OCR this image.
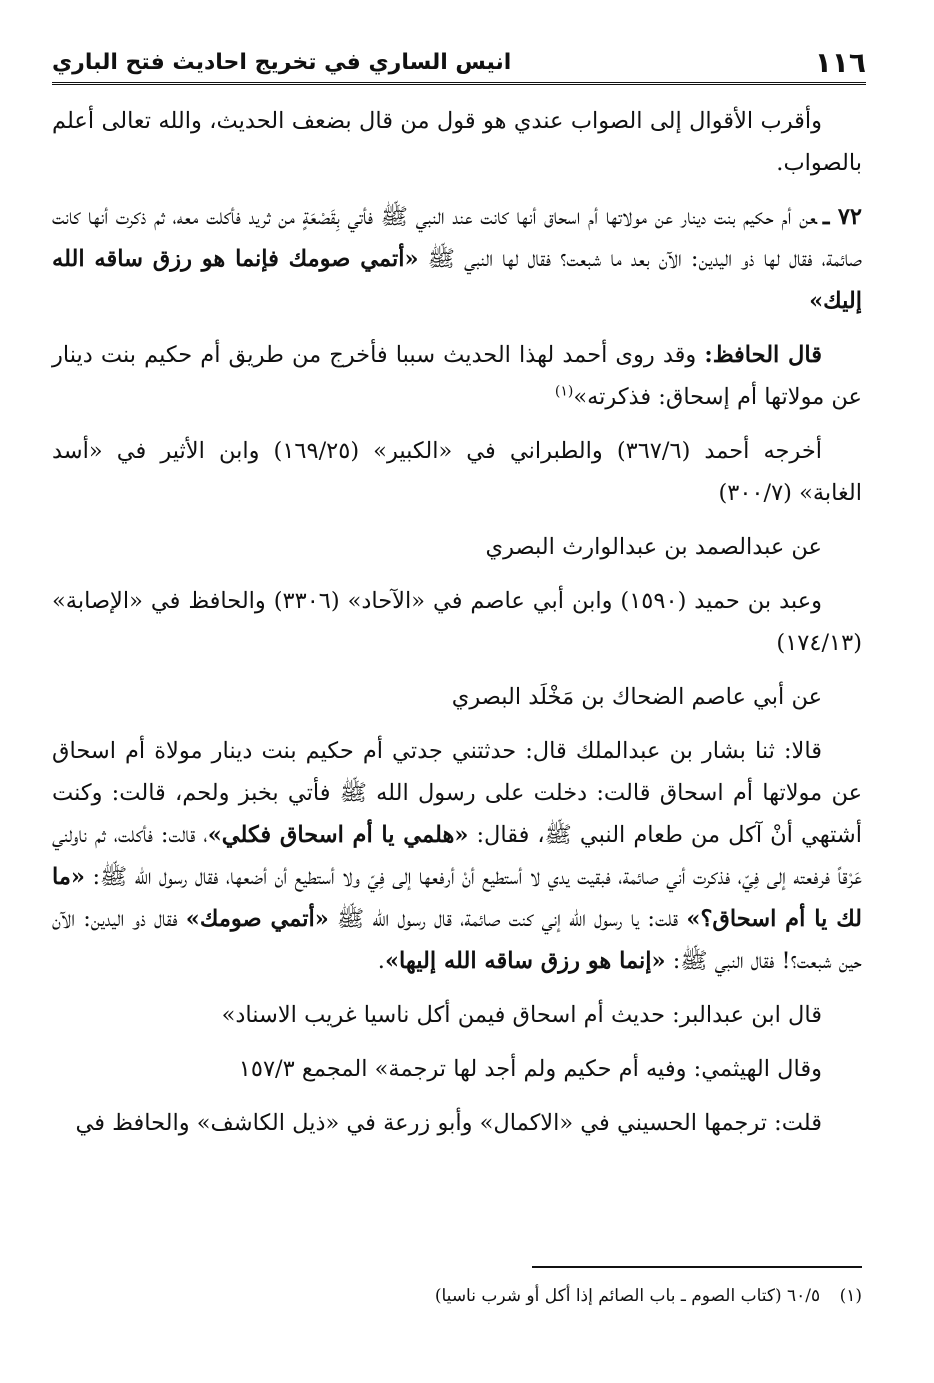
١١٦
انيس الساري في تخريج احاديث فتح الباري

وأقرب الأقوال إلى الصواب عندي هو قول من قال بضعف الحديث، والله تعالى أعلم بالصواب.

٧٢ ـعن أم حكيم بنت دينار عن مولاتها أم اسحاق أنها كانت عند النبي ﷺ فأتي بِقَصْعَةٍ من ثريد فأكلت معه، ثم ذكرت أنها كانت صائمة، فقال لها ذو اليدين: الآن بعد ما شبعت؟ فقال لها النبي ﷺ «أتمي صومك فإنما هو رزق ساقه الله إليك»

قال الحافظ: وقد روى أحمد لهذا الحديث سببا فأخرج من طريق أم حكيم بنت دينار عن مولاتها أم إسحاق: فذكرته»$^{(١)}$

أخرجه أحمد (٣٦٧/٦) والطبراني في «الكبير» (١٦٩/٢٥) وابن الأثير في «أسد الغابة» (٣٠٠/٧)

عن عبدالصمد بن عبدالوارث البصري

وعبد بن حميد (١٥٩٠) وابن أبي عاصم في «الآحاد» (٣٣٠٦) والحافظ في «الإصابة» (١٧٤/١٣)

عن أبي عاصم الضحاك بن مَخْلَد البصري

قالا: ثنا بشار بن عبدالملك قال: حدثتني جدتي أم حكيم بنت دينار مولاة أم اسحاق عن مولاتها أم اسحاق قالت: دخلت على رسول الله ﷺ فأتي بخبز ولحم، قالت: وكنت أشتهي أنْ آكل من طعام النبي ﷺ، فقال: «هلمي يا أم اسحاق فكلي»، قالت: فأكلت، ثم ناولني عَرْقاً فرفعته إلى فِيّ، فذكرت أني صائمة، فبقيت يدي لا أستطيع أنْ أرفعها إلى فِيّ ولا أستطيع أن أضعها، فقال رسول الله ﷺ: «ما لك يا أم اسحاق؟» قلت: يا رسول الله إني كنت صائمة، قال رسول الله ﷺ «أتمي صومك» فقال ذو اليدين: الآن حين شبعت؟! فقال النبي ﷺ: «إنما هو رزق ساقه الله إليها».

قال ابن عبدالبر: حديث أم اسحاق فيمن أكل ناسيا غريب الاسناد»

وقال الهيثمي: وفيه أم حكيم ولم أجد لها ترجمة» المجمع ١٥٧/٣

قلت: ترجمها الحسيني في «الاكمال» وأبو زرعة في «ذيل الكاشف» والحافظ في

(١) ٦٠/٥ (كتاب الصوم ـ باب الصائم إذا أكل أو شرب ناسيا)
